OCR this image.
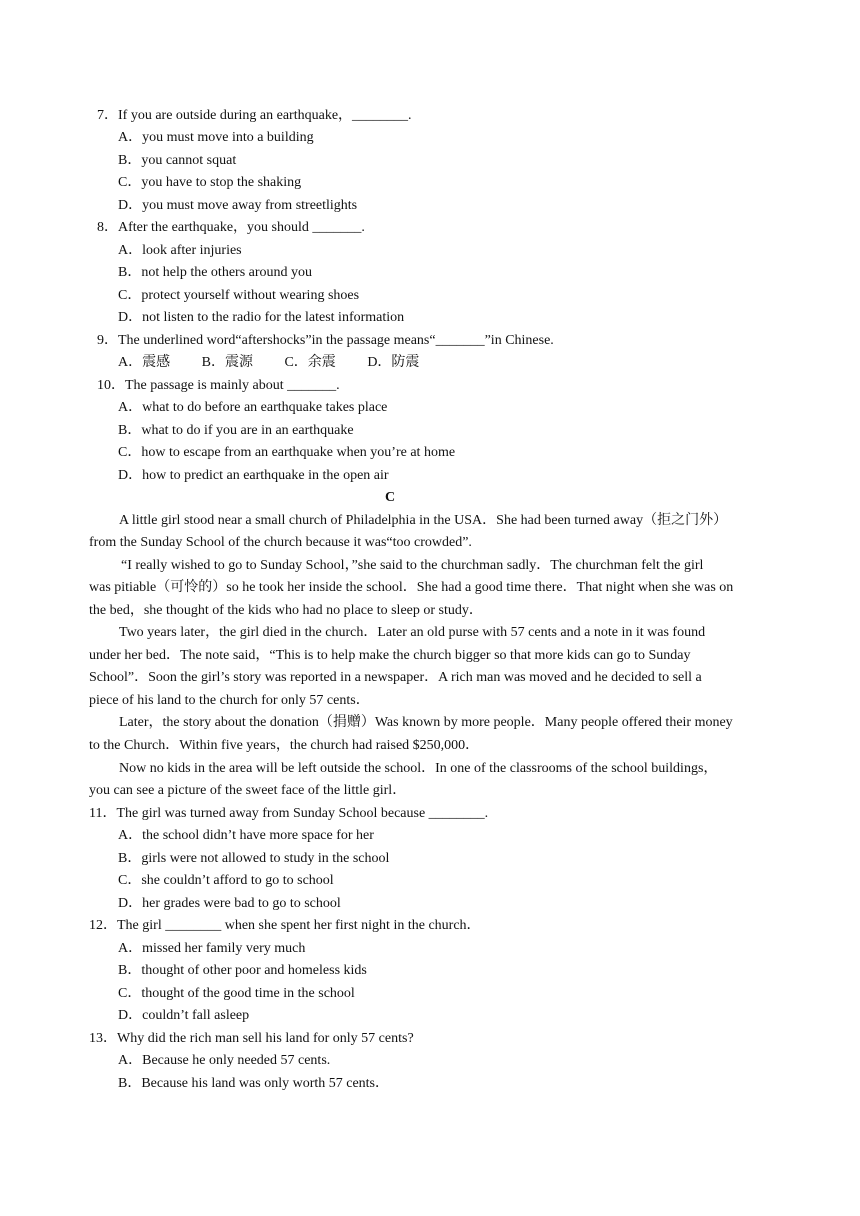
7．If you are outside during an earthquake，________.
A．you must move into a building
B．you cannot squat
C．you have to stop the shaking
D．you must move away from streetlights
8．After the earthquake，you should _______.
A．look after injuries
B．not help the others around you
C．protect yourself without wearing shoes
D．not listen to the radio for the latest information
9．The underlined word“aftershocks”in the passage means“_______”in Chinese.
A．震感 B．震源 C．余震 D．防震
10．The passage is mainly about _______.
A．what to do before an earthquake takes place
B．what to do if you are in an earthquake
C．how to escape from an earthquake when you’re at home
D．how to predict an earthquake in the open air
C
A little girl stood near a small church of Philadelphia in the USA．She had been turned away（拒之门外）
from the Sunday School of the church because it was“too crowded”.
“I really wished to go to Sunday School，”she said to the churchman sadly．The churchman felt the girl
was pitiable（可怜的）so he took her inside the school．She had a good time there．That night when she was on
the bed，she thought of the kids who had no place to sleep or study．
Two years later，the girl died in the church．Later an old purse with 57 cents and a note in it was found
under her bed．The note said，“This is to help make the church bigger so that more kids can go to Sunday
School”．Soon the girl’s story was reported in a newspaper．A rich man was moved and he decided to sell a
piece of his land to the church for only 57 cents．
Later，the story about the donation（捐赠）Was known by more people．Many people offered their money
to the Church．Within five years，the church had raised $250,000．
Now no kids in the area will be left outside the school．In one of the classrooms of the school buildings，
you can see a picture of the sweet face of the little girl．
11．The girl was turned away from Sunday School because ________.
A．the school didn’t have more space for her
B．girls were not allowed to study in the school
C．she couldn’t afford to go to school
D．her grades were bad to go to school
12．The girl ________ when she spent her first night in the church．
A．missed her family very much
B．thought of other poor and homeless kids
C．thought of the good time in the school
D．couldn’t fall asleep
13．Why did the rich man sell his land for only 57 cents?
A．Because he only needed 57 cents.
B．Because his land was only worth 57 cents．
